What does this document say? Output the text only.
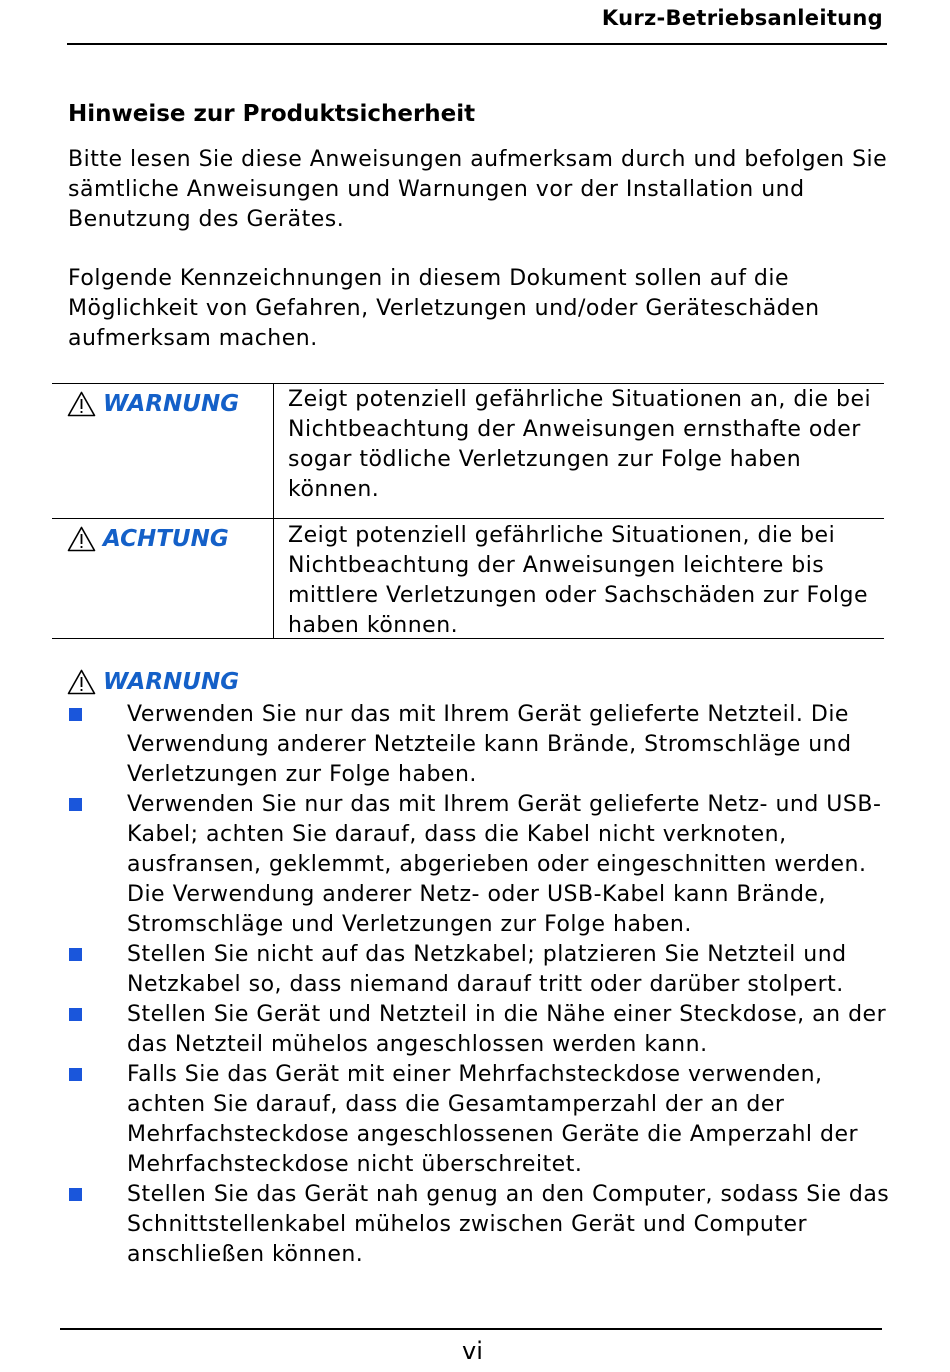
Kurz-Betriebsanleitung
Hinweise zur Produktsicherheit

Bitte lesen Sie diese Anweisungen aufmerksam durch und befolgen Sie sämtliche Anweisungen und Warnungen vor der Installation und Benutzung des Gerätes.

Folgende Kennzeichnungen in diesem Dokument sollen auf die Möglichkeit von Gefahren, Verletzungen und/oder Geräteschäden aufmerksam machen.

WARNUNG	Zeigt potenziell gefährliche Situationen an, die bei Nichtbeachtung der Anweisungen ernsthafte oder sogar tödliche Verletzungen zur Folge haben können.
ACHTUNG	Zeigt potenziell gefährliche Situationen, die bei Nichtbeachtung der Anweisungen leichtere bis mittlere Verletzungen oder Sachschäden zur Folge haben können.
WARNUNG
Verwenden Sie nur das mit Ihrem Gerät gelieferte Netzteil. Die Verwendung anderer Netzteile kann Brände, Stromschläge und Verletzungen zur Folge haben.
Verwenden Sie nur das mit Ihrem Gerät gelieferte Netz- und USB-Kabel; achten Sie darauf, dass die Kabel nicht verknoten, ausfransen, geklemmt, abgerieben oder eingeschnitten werden. Die Verwendung anderer Netz- oder USB-Kabel kann Brände, Stromschläge und Verletzungen zur Folge haben.
Stellen Sie nicht auf das Netzkabel; platzieren Sie Netzteil und Netzkabel so, dass niemand darauf tritt oder darüber stolpert.
Stellen Sie Gerät und Netzteil in die Nähe einer Steckdose, an der das Netzteil mühelos angeschlossen werden kann.
Falls Sie das Gerät mit einer Mehrfachsteckdose verwenden, achten Sie darauf, dass die Gesamtamperzahl der an der Mehrfachsteckdose angeschlossenen Geräte die Amperzahl der Mehrfachsteckdose nicht überschreitet.
Stellen Sie das Gerät nah genug an den Computer, sodass Sie das Schnittstellenkabel mühelos zwischen Gerät und Computer anschließen können.
vi
